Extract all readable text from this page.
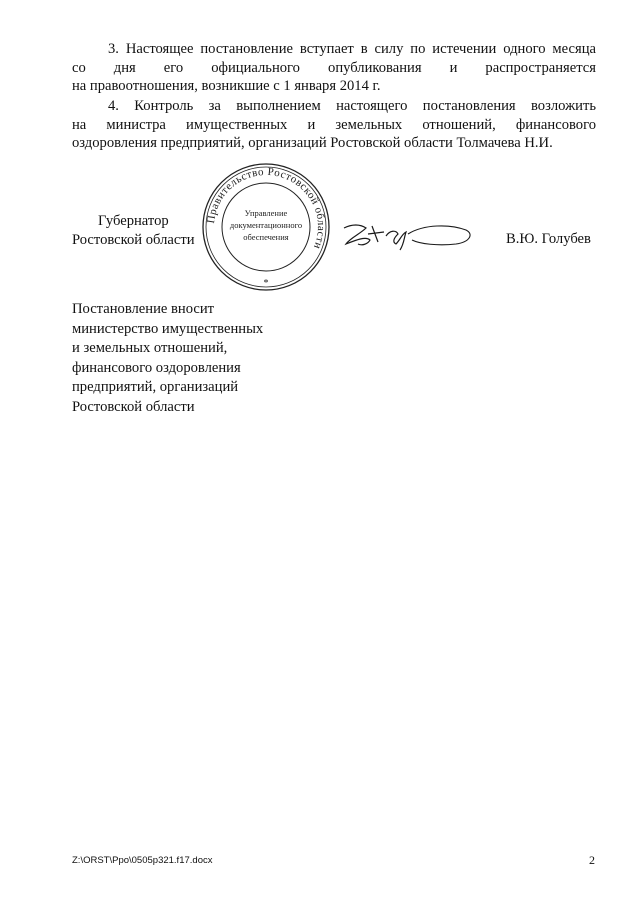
3. Настоящее постановление вступает в силу по истечении одного месяца
со дня его официального опубликования и распространяется
на правоотношения, возникшие с 1 января 2014 г.
4. Контроль за выполнением настоящего постановления возложить
на министра имущественных и земельных отношений, финансового
оздоровления предприятий, организаций Ростовской области Толмачева Н.И.
Губернатор
Ростовской области
Правительство Ростовской области
Управление
документационного
обеспечения
*
В.Ю. Голубев
Постановление вносит
министерство имущественных
и земельных отношений,
финансового оздоровления
предприятий, организаций
Ростовской области
Z:\ORST\Ppo\0505p321.f17.docx	2
